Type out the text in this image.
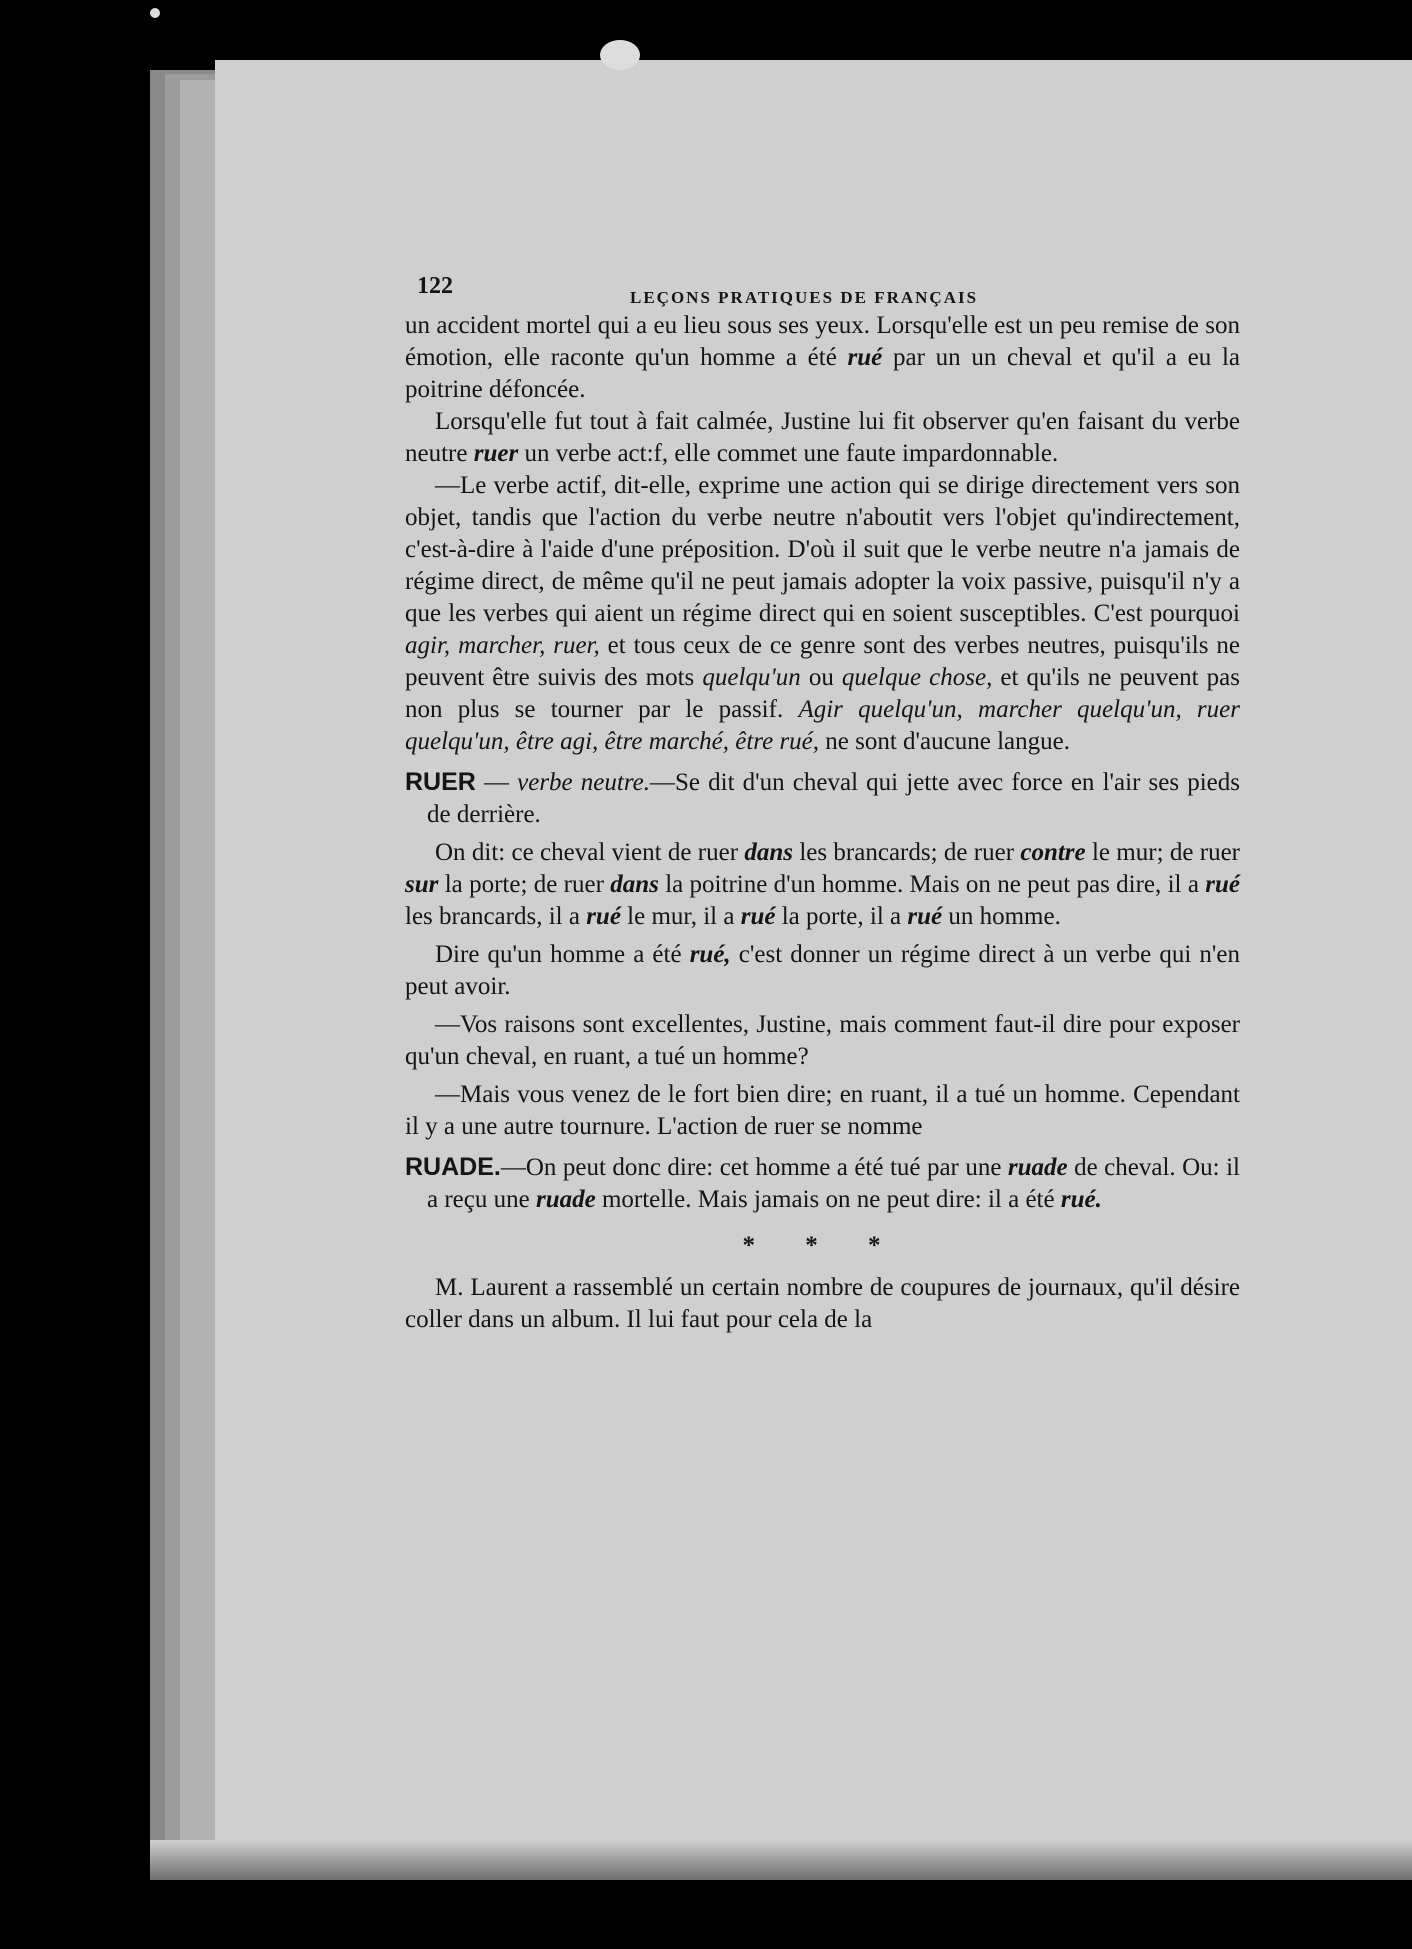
122	LEÇONS PRATIQUES DE FRANÇAIS

un accident mortel qui a eu lieu sous ses yeux. Lorsqu'elle est un peu remise de son émotion, elle raconte qu'un homme a été rué par un un cheval et qu'il a eu la poitrine défoncée.

Lorsqu'elle fut tout à fait calmée, Justine lui fit observer qu'en faisant du verbe neutre ruer un verbe act:f, elle commet une faute impardonnable.

—Le verbe actif, dit-elle, exprime une action qui se dirige directement vers son objet, tandis que l'action du verbe neutre n'aboutit vers l'objet qu'indirectement, c'est-à-dire à l'aide d'une préposition. D'où il suit que le verbe neutre n'a jamais de régime direct, de même qu'il ne peut jamais adopter la voix passive, puisqu'il n'y a que les verbes qui aient un régime direct qui en soient susceptibles. C'est pourquoi agir, marcher, ruer, et tous ceux de ce genre sont des verbes neutres, puisqu'ils ne peuvent être suivis des mots quelqu'un ou quelque chose, et qu'ils ne peuvent pas non plus se tourner par le passif. Agir quelqu'un, marcher quelqu'un, ruer quelqu'un, être agi, être marché, être rué, ne sont d'aucune langue.

RUER — verbe neutre.—Se dit d'un cheval qui jette avec force en l'air ses pieds de derrière.

On dit: ce cheval vient de ruer dans les brancards; de ruer contre le mur; de ruer sur la porte; de ruer dans la poitrine d'un homme. Mais on ne peut pas dire, il a rué les brancards, il a rué le mur, il a rué la porte, il a rué un homme.

Dire qu'un homme a été rué, c'est donner un régime direct à un verbe qui n'en peut avoir.

—Vos raisons sont excellentes, Justine, mais comment faut-il dire pour exposer qu'un cheval, en ruant, a tué un homme?

—Mais vous venez de le fort bien dire; en ruant, il a tué un homme. Cependant il y a une autre tournure. L'action de ruer se nomme

RUADE.—On peut donc dire: cet homme a été tué par une ruade de cheval. Ou: il a reçu une ruade mortelle. Mais jamais on ne peut dire: il a été rué.

* * *

M. Laurent a rassemblé un certain nombre de coupures de journaux, qu'il désire coller dans un album. Il lui faut pour cela de la
